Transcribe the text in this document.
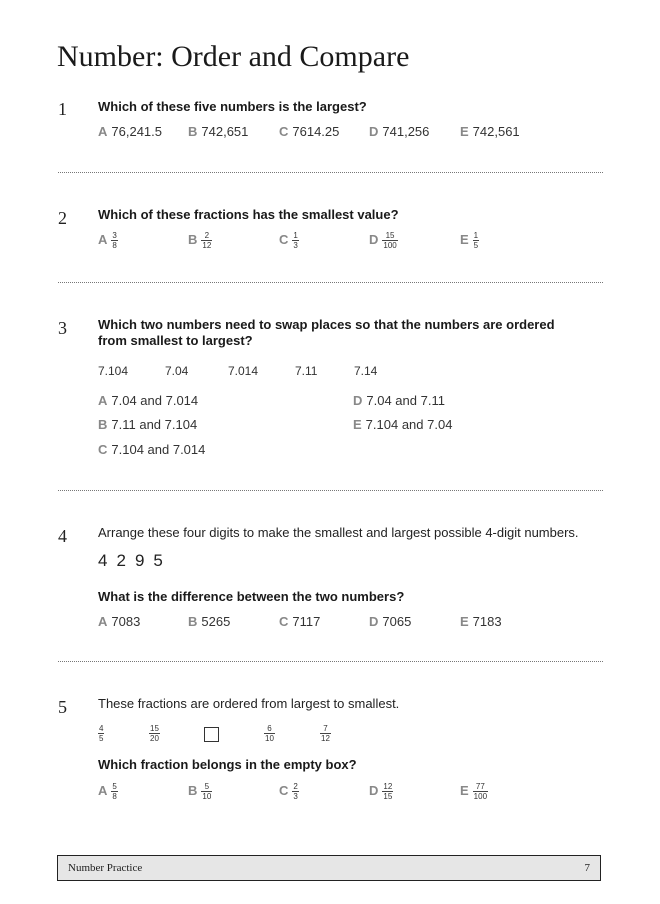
Number: Order and Compare
1 Which of these five numbers is the largest?
A 76,241.5 B 742,651 C 7614.25 D 741,256 E 742,561
2 Which of these fractions has the smallest value?
A $\frac{3}{8}$	B $\frac{2}{12}$	C $\frac{1}{3}$	D $\frac{15}{100}$	E $\frac{1}{5}$
3 Which two numbers need to swap places so that the numbers are ordered
from smallest to largest?
7.104	7.04	7.014	7.11	7.14
A 7.04 and 7.014
B 7.11 and 7.104
C 7.104 and 7.014
D 7.04 and 7.11
E 7.104 and 7.04
4 Arrange these four digits to make the smallest and largest possible 4-digit numbers.
4 2 9 5
What is the difference between the two numbers?
A 7083	B 5265	C 7117	D 7065	E 7183
5 These fractions are ordered from largest to smallest.
$\frac{4}{5}$	$\frac{15}{20}$	$\frac{6}{10}$	$\frac{7}{12}$
Which fraction belongs in the empty box?
A $\frac{5}{8}$	B $\frac{5}{10}$	C $\frac{2}{3}$	D $\frac{12}{15}$	E $\frac{77}{100}$
Number Practice	7
